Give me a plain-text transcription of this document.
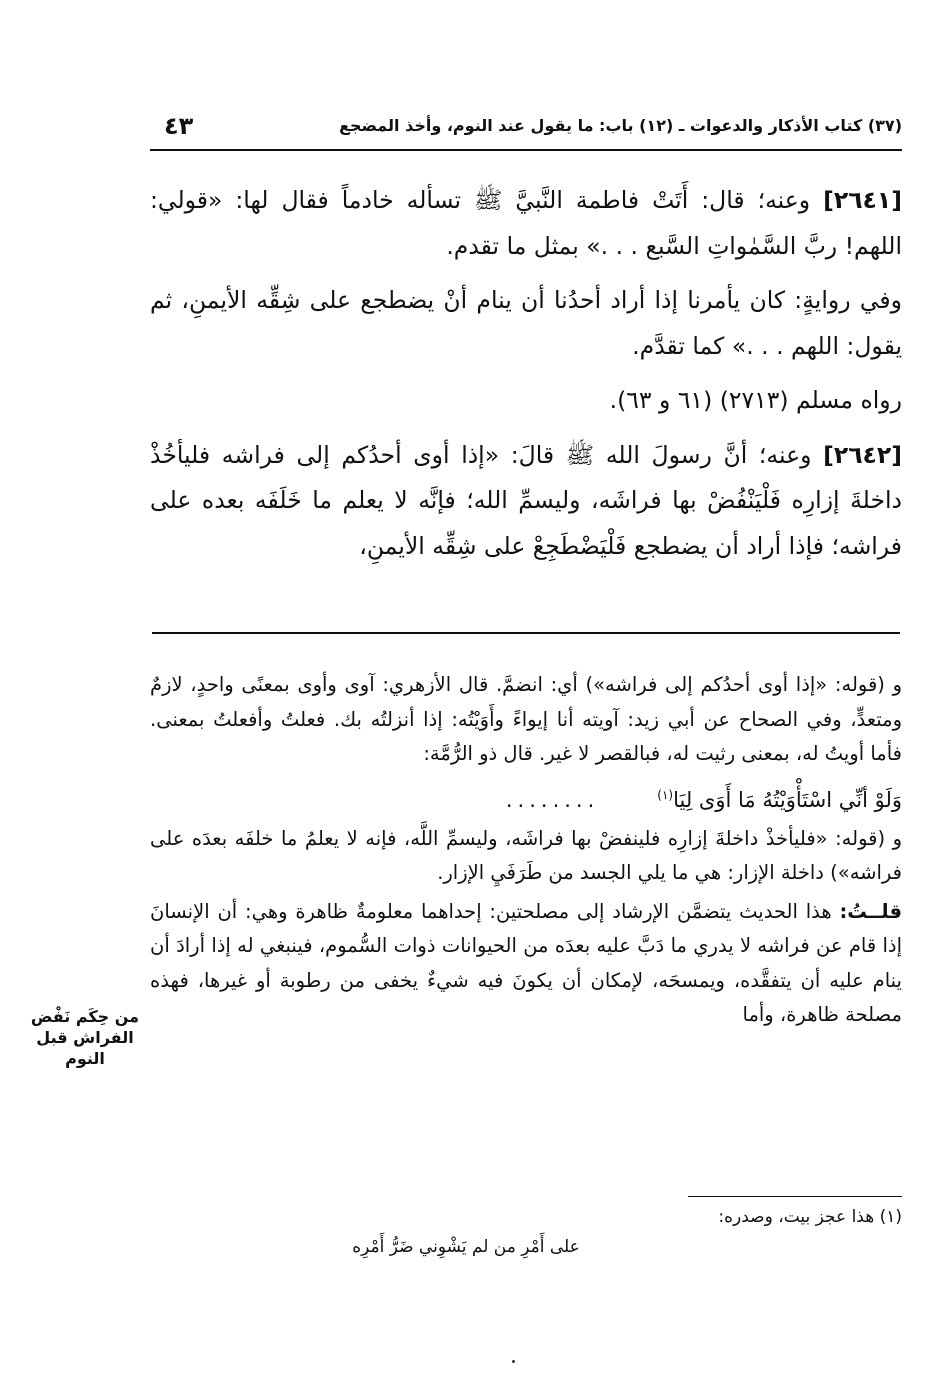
(٣٧) كتاب الأذكار والدعوات ـ (١٢) باب: ما يقول عند النوم، وأخذ المضجع
٤٣

[٢٦٤١] وعنه؛ قال: أَتَتْ فاطمة النَّبيَّ ﷺ تسأله خادماً فقال لها: «قولي: اللهم! ربَّ السَّمٰواتِ السَّبع . . .» بمثل ما تقدم.

وفي روايةٍ: كان يأمرنا إذا أراد أحدُنا أن ينام أنْ يضطجع على شِقِّه الأيمنِ، ثم يقول: اللهم . . .» كما تقدَّم.

رواه مسلم (٢٧١٣) (٦١ و ٦٣).

[٢٦٤٢] وعنه؛ أنَّ رسولَ الله ﷺ قالَ: «إذا أوى أحدُكم إلى فراشه فليأخُذْ داخلةَ إزارِه فَلْيَنْفُضْ بها فراشَه، وليسمِّ الله؛ فإنَّه لا يعلم ما خَلَفَه بعده على فراشه؛ فإذا أراد أن يضطجع فَلْيَضْطَجِعْ على شِقِّه الأيمنِ،

و (قوله: «إذا أوى أحدُكم إلى فراشه») أي: انضمَّ. قال الأزهري: آوى وأوى بمعنًى واحدٍ، لازمٌ ومتعدٍّ، وفي الصحاح عن أبي زيد: آويته أنا إيواءً وأَوَيْتُه: إذا أنزلتُه بك. فعلتُ وأفعلتُ بمعنى. فأما أويتُ له، بمعنى رثيت له، فبالقصر لا غير. قال ذو الرُّمَّة:

وَلَوْ أنِّي اسْتَأْوَيْتُهُ مَا أَوَى لِيَا$^{(١)}$........

و (قوله: «فليأخذْ داخلةَ إزارِه فلينفضْ بها فراشَه، وليسمِّ اللَّه، فإنه لا يعلمُ ما خلفَه بعدَه على فراشه») داخلة الإزار: هي ما يلي الجسد من طَرَفَيِ الإزار.

قلــتُ: هذا الحديث يتضمَّن الإرشاد إلى مصلحتين: إحداهما معلومةٌ ظاهرة وهي: أن الإنسانَ إذا قام عن فراشه لا يدري ما دَبَّ عليه بعدَه من الحيوانات ذوات السُّموم، فينبغي له إذا أرادَ أن ينام عليه أن يتفقَّده، ويمسحَه، لإمكان أن يكونَ فيه شيءٌ يخفى من رطوبة أو غيرها، فهذه مصلحة ظاهرة، وأما

من حِكَم نَفْض الفراش قبل النوم

(١) هذا عجز بيت، وصدره:

على أَمْرِ من لم يَشْوِني ضَرُّ أَمْرِه
